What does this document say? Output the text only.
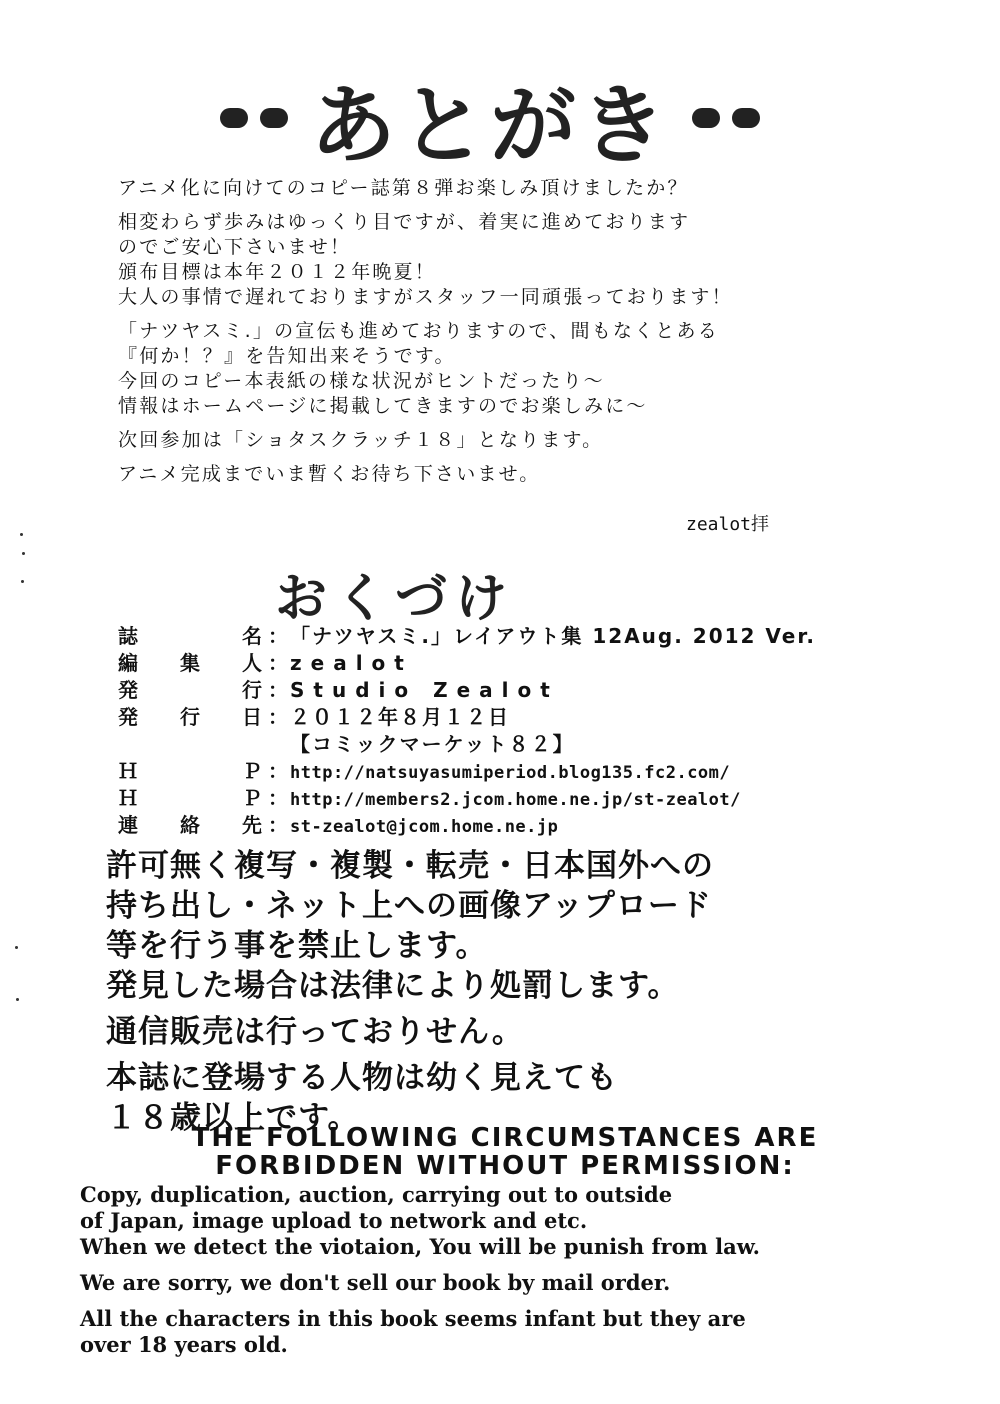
あとがき
アニメ化に向けてのコピー誌第８弾お楽しみ頂けましたか？
相変わらず歩みはゆっくり目ですが、着実に進めております
のでご安心下さいませ！
頒布目標は本年２０１２年晩夏！
大人の事情で遅れておりますがスタッフ一同頑張っております！
「ナツヤスミ.」の宣伝も進めておりますので、間もなくとある
『何か！？』を告知出来そうです。
今回のコピー本表紙の様な状況がヒントだったり～
情報はホームページに掲載してきますのでお楽しみに～
次回参加は「ショタスクラッチ１８」となります。
アニメ完成までいま暫くお待ち下さいませ。
zealot拝
おくづけ
誌	名 ： 「ナツヤスミ.」レイアウト集 12Aug. 2012 Ver.
編 集 人 ： zealot
発	行 ： Studio Zealot
発 行 日 ： ２０１２年８月１２日
【コミックマーケット８２】
Ｈ	Ｐ ： http://natsuyasumiperiod.blog135.fc2.com/
Ｈ	Ｐ ： http://members2.jcom.home.ne.jp/st-zealot/
連 絡 先 ： st-zealot@jcom.home.ne.jp
許可無く複写・複製・転売・日本国外への
持ち出し・ネット上への画像アップロード
等を行う事を禁止します。
発見した場合は法律により処罰します。
通信販売は行っておりせん。
本誌に登場する人物は幼く見えても
１８歳以上です。
THE FOLLOWING CIRCUMSTANCES ARE
FORBIDDEN WITHOUT PERMISSION:
Copy, duplication, auction, carrying out to outside
of Japan, image upload to network and etc.
When we detect the viotaion, You will be punish from law.
We are sorry, we don't sell our book by mail order.
All the characters in this book seems infant but they are
over 18 years old.
